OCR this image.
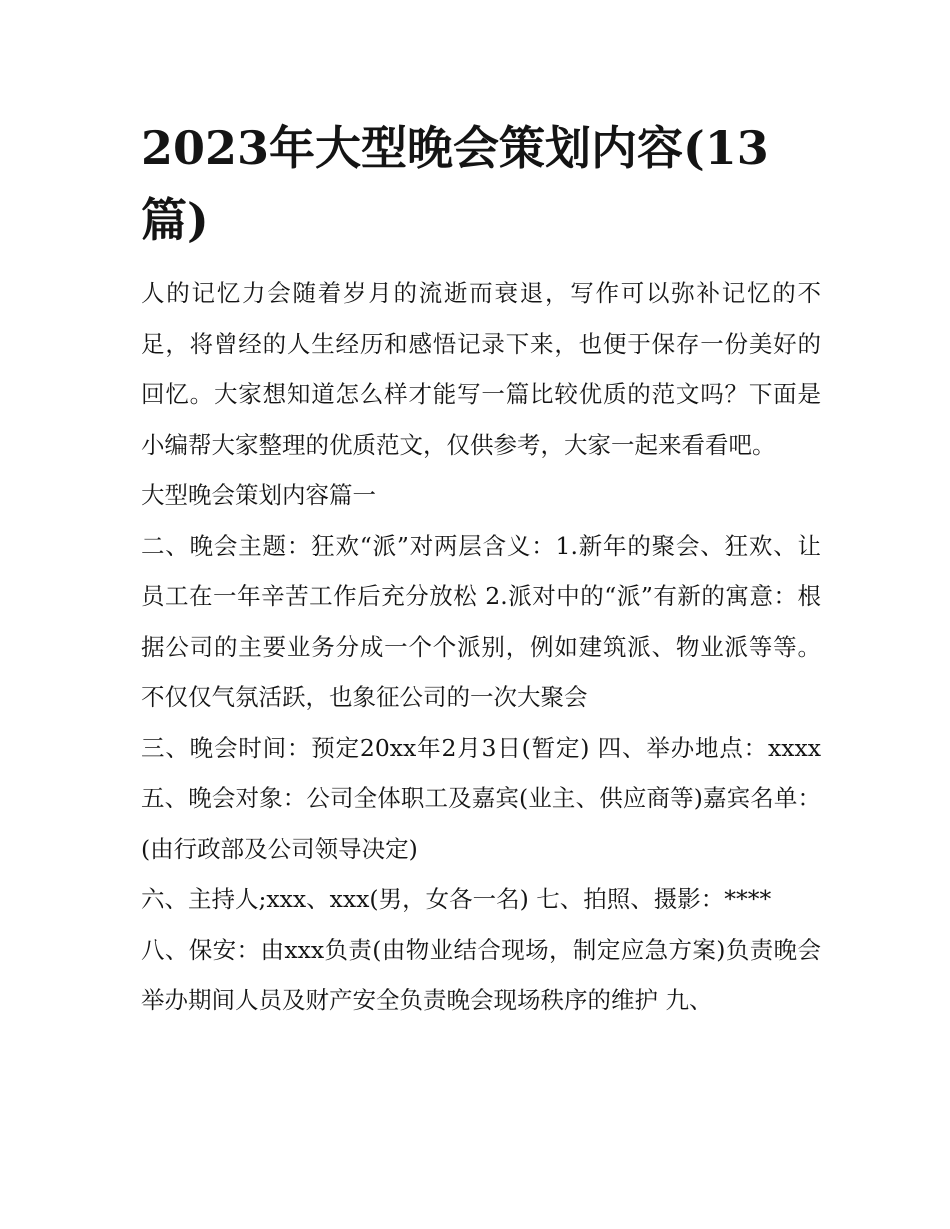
2023年大型晚会策划内容(13篇)

人的记忆力会随着岁月的流逝而衰退，写作可以弥补记忆的不足，将曾经的人生经历和感悟记录下来，也便于保存一份美好的回忆。大家想知道怎么样才能写一篇比较优质的范文吗？下面是小编帮大家整理的优质范文，仅供参考，大家一起来看看吧。

大型晚会策划内容篇一

二、晚会主题：狂欢“派”对两层含义：1.新年的聚会、狂欢、让员工在一年辛苦工作后充分放松 2.派对中的“派”有新的寓意：根据公司的主要业务分成一个个派别，例如建筑派、物业派等等。不仅仅气氛活跃，也象征公司的一次大聚会

三、晚会时间：预定20xx年2月3日(暂定) 四、举办地点：xxxx 五、晚会对象：公司全体职工及嘉宾(业主、供应商等)嘉宾名单：(由行政部及公司领导决定)

六、主持人;xxx、xxx(男，女各一名) 七、拍照、摄影：****

八、保安：由xxx负责(由物业结合现场，制定应急方案)负责晚会举办期间人员及财产安全负责晚会现场秩序的维护 九、
